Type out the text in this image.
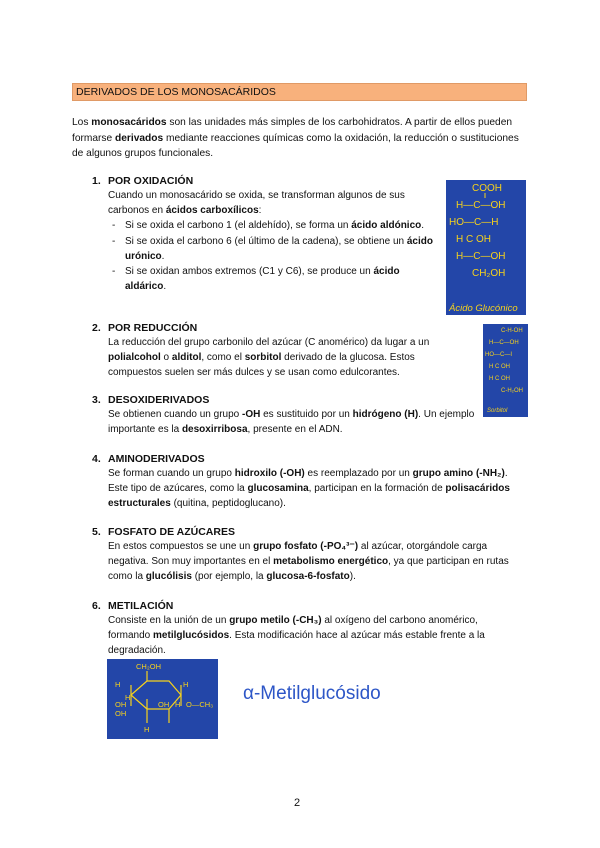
DERIVADOS DE LOS MONOSACÁRIDOS
Los monosacáridos son las unidades más simples de los carbohidratos. A partir de ellos pueden formarse derivados mediante reacciones químicas como la oxidación, la reducción o sustituciones de algunos grupos funcionales.
1. POR OXIDACIÓN
Cuando un monosacárido se oxida, se transforman algunos de sus carbonos en ácidos carboxílicos:
- Si se oxida el carbono 1 (el aldehído), se forma un ácido aldónico.
- Si se oxida el carbono 6 (el último de la cadena), se obtiene un ácido urónico.
- Si se oxidan ambos extremos (C1 y C6), se produce un ácido aldárico.
COOH
H—C—OH
HO—C—H
H C OH
H—C—OH
CH₂OH
Ácido Glucónico
2. POR REDUCCIÓN
La reducción del grupo carbonilo del azúcar (C anomérico) da lugar a un polialcohol o alditol, como el sorbitol derivado de la glucosa. Estos compuestos suelen ser más dulces y se usan como edulcorantes.
C-H-OH
H—C—OH
HO—C—I
H C OH
H C OH
C-H₂OH
Sorbitol
3. DESOXIDERIVADOS
Se obtienen cuando un grupo -OH es sustituido por un hidrógeno (H). Un ejemplo importante es la desoxirribosa, presente en el ADN.
4. AMINODERIVADOS
Se forman cuando un grupo hidroxilo (-OH) es reemplazado por un grupo amino (-NH₂). Este tipo de azúcares, como la glucosamina, participan en la formación de polisacáridos estructurales (quitina, peptidoglucano).
5. FOSFATO DE AZÚCARES
En estos compuestos se une un grupo fosfato (-PO₄³⁻) al azúcar, otorgándole carga negativa. Son muy importantes en el metabolismo energético, ya que participan en rutas como la glucólisis (por ejemplo, la glucosa-6-fosfato).
6. METILACIÓN
Consiste en la unión de un grupo metilo (-CH₃) al oxígeno del carbono anomérico, formando metilglucósidos. Esta modificación hace al azúcar más estable frente a la degradación.
CH₂OH
H	H
H
OH	OH
OH
H
H
O—CH₃
α-Metilglucósido
2
